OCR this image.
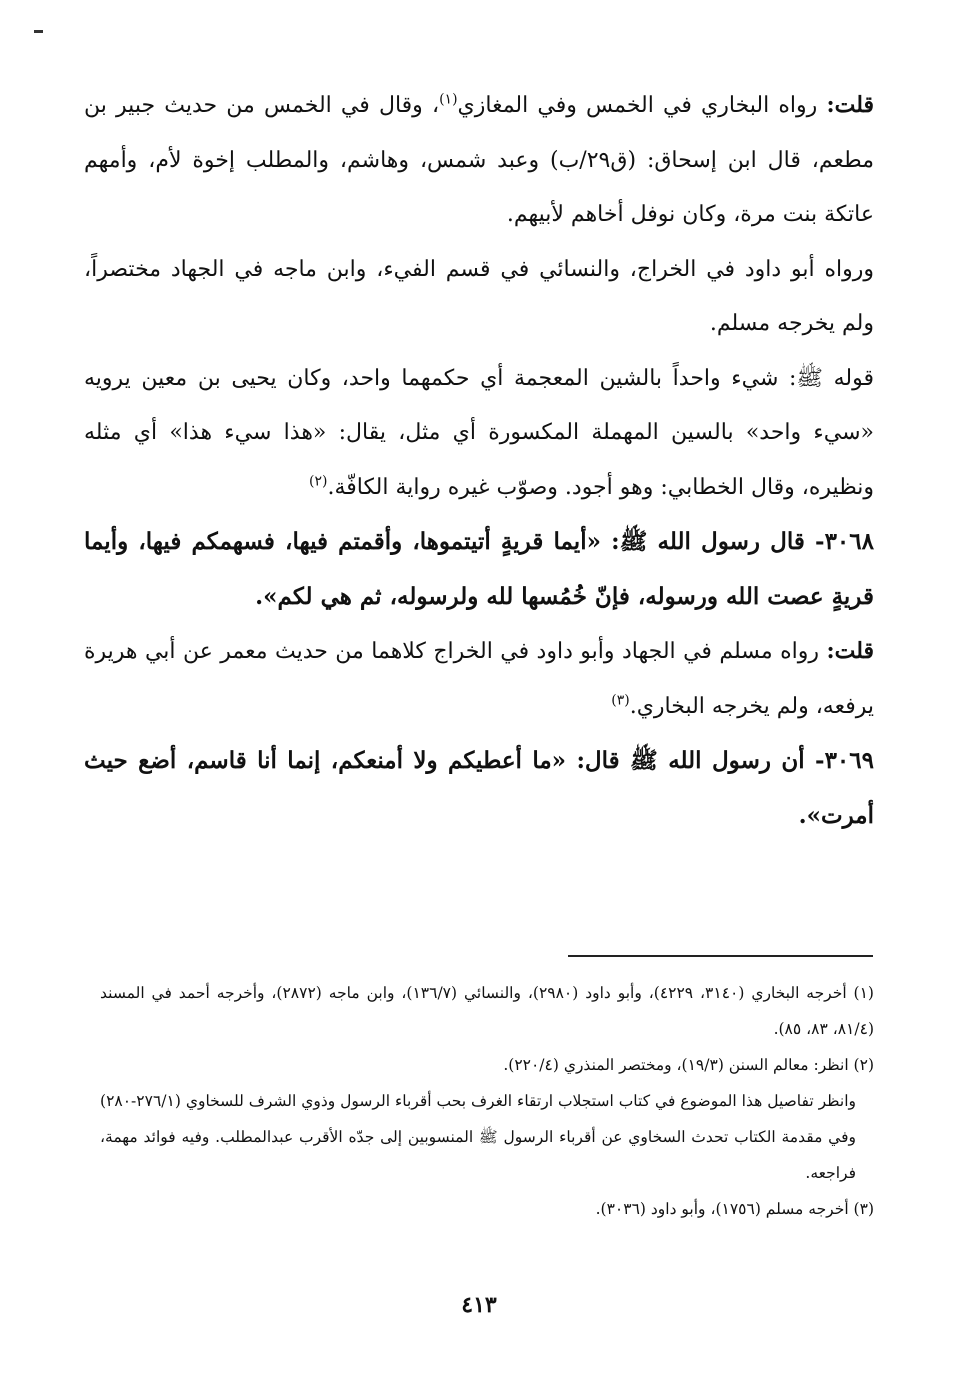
قلت: رواه البخاري في الخمس وفي المغازي$^{(١)}$، وقال في الخمس من حديث جبير بن مطعم، قال ابن إسحاق: (ق٢٩/ب) وعبد شمس، وهاشم، والمطلب إخوة لأم، وأمهم عاتكة بنت مرة، وكان نوفل أخاهم لأبيهم.

ورواه أبو داود في الخراج، والنسائي في قسم الفيء، وابن ماجه في الجهاد مختصراً، ولم يخرجه مسلم.

قوله ﷺ: شيء واحداً بالشين المعجمة أي حكمهما واحد، وكان يحيى بن معين يرويه «سيء واحد» بالسين المهملة المكسورة أي مثل، يقال: «هذا سيء هذا» أي مثله ونظيره، وقال الخطابي: وهو أجود. وصوّب غيره رواية الكافّة.$^{(٢)}$

٣٠٦٨- قال رسول الله ﷺ: «أيما قريةٍ أتيتموها، وأقمتم فيها، فسهمكم فيها، وأيما قريةٍ عصت الله ورسوله، فإنّ خُمُسها لله ولرسوله، ثم هي لكم».

قلت: رواه مسلم في الجهاد وأبو داود في الخراج كلاهما من حديث معمر عن أبي هريرة يرفعه، ولم يخرجه البخاري.$^{(٣)}$

٣٠٦٩- أن رسول الله ﷺ قال: «ما أعطيكم ولا أمنعكم، إنما أنا قاسم، أضع حيث أمرت».

(١) أخرجه البخاري (٣١٤٠، ٤٢٢٩)، وأبو داود (٢٩٨٠)، والنسائي (١٣٦/٧)، وابن ماجه (٢٨٧٢)، وأخرجه أحمد في المسند (٨١/٤، ٨٣، ٨٥).

(٢) انظر: معالم السنن (١٩/٣)، ومختصر المنذري (٢٢٠/٤).

وانظر تفاصيل هذا الموضوع في كتاب استجلاب ارتقاء الغرف بحب أقرباء الرسول وذوي الشرف للسخاوي (٢٧٦/١-٢٨٠) وفي مقدمة الكتاب تحدث السخاوي عن أقرباء الرسول ﷺ المنسوبين إلى جدّه الأقرب عبدالمطلب. وفيه فوائد مهمة، فراجعه.

(٣) أخرجه مسلم (١٧٥٦)، وأبو داود (٣٠٣٦).

٤١٣
